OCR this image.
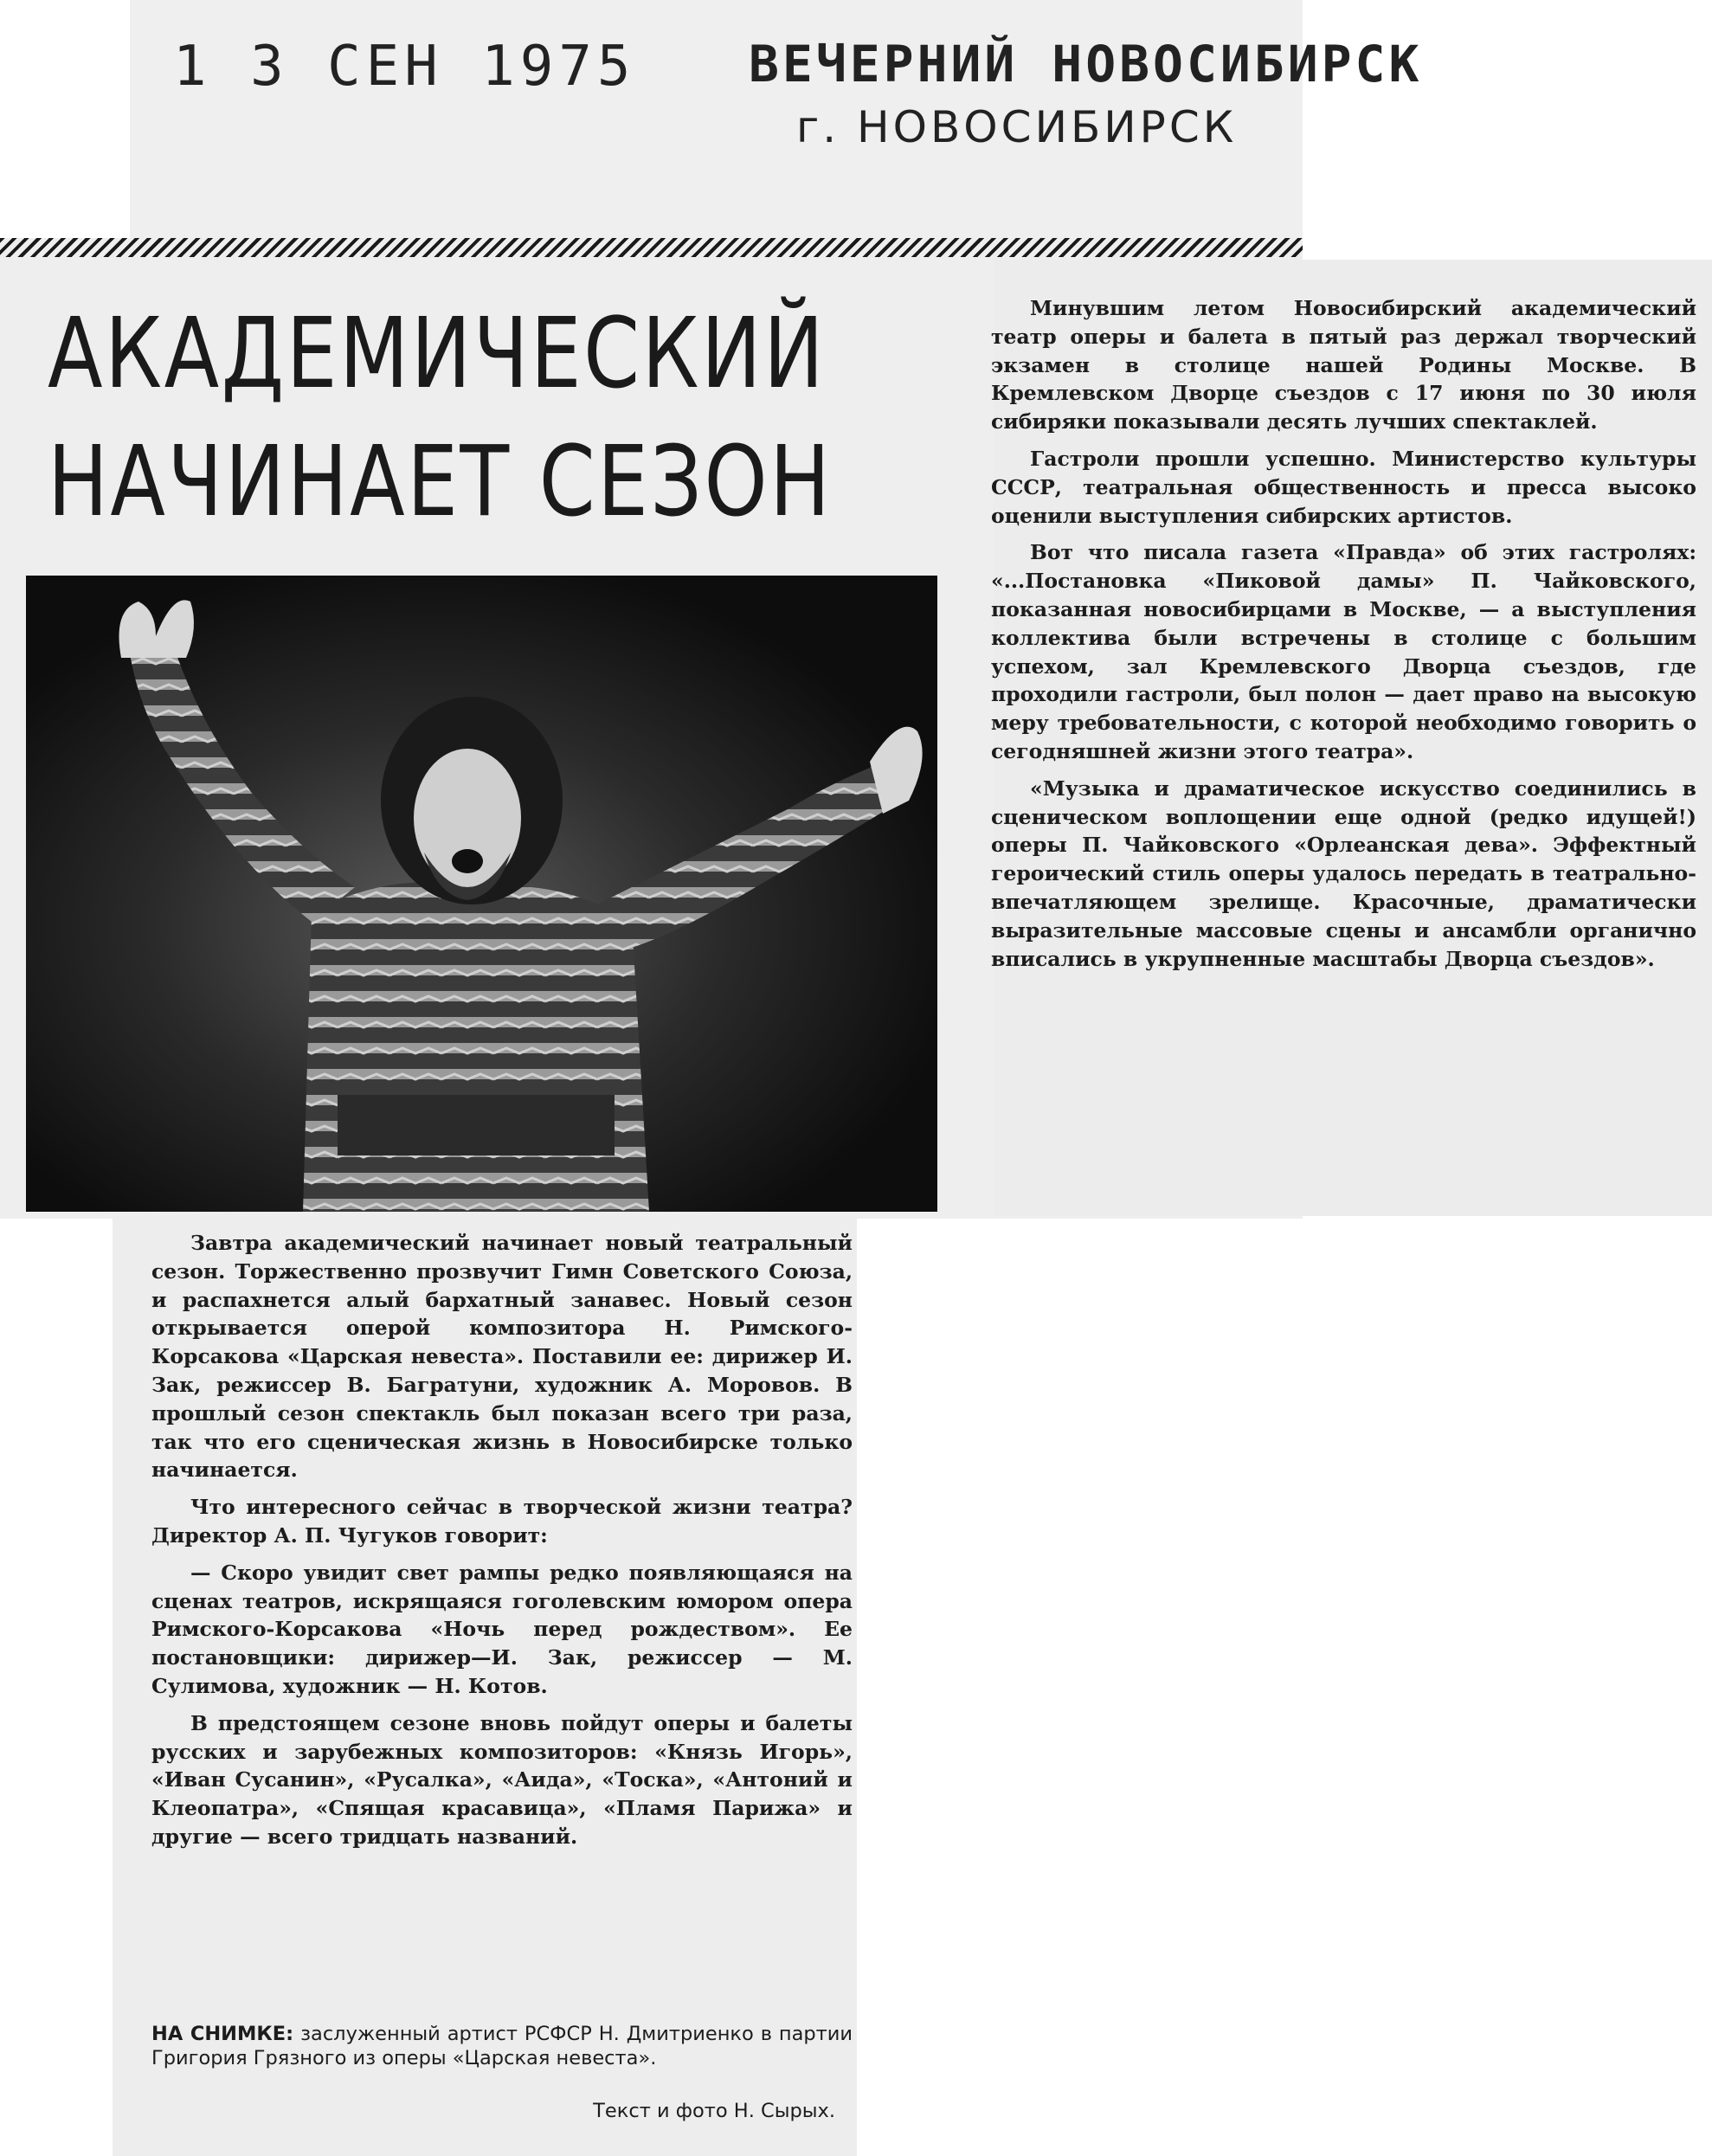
1 3 СЕН 1975 ВЕЧЕРНИЙ НОВОСИБИРСК
г. НОВОСИБИРСК
АКАДЕМИЧЕСКИЙ
НАЧИНАЕТ СЕЗОН

Минувшим летом Новосибирский академический театр оперы и балета в пятый раз держал творческий экзамен в столице нашей Родины Москве. В Кремлевском Дворце съездов с 17 июня по 30 июля сибиряки показывали десять лучших спектаклей.

Гастроли прошли успешно. Министерство культуры СССР, театральная общественность и пресса высоко оценили выступления сибирских артистов.

Вот что писала газета «Правда» об этих гастролях: «...Постановка «Пиковой дамы» П. Чайковского, показанная новосибирцами в Москве, — а выступления коллектива были встречены в столице с большим успехом, зал Кремлевского Дворца съездов, где проходили гастроли, был полон — дает право на высокую меру требовательности, с которой необходимо говорить о сегодняшней жизни этого театра».

«Музыка и драматическое искусство соединились в сценическом воплощении еще одной (редко идущей!) оперы П. Чайковского «Орлеанская дева». Эффектный героический стиль оперы удалось передать в театрально-впечатляющем зрелище. Красочные, драматически выразительные массовые сцены и ансамбли органично вписались в укрупненные масштабы Дворца съездов».

Завтра академический начинает новый театральный сезон. Торжественно прозвучит Гимн Советского Союза, и распахнется алый бархатный занавес. Новый сезон открывается оперой композитора Н. Римского-Корсакова «Царская невеста». Поставили ее: дирижер И. Зак, режиссер В. Багратуни, художник А. Моровов. В прошлый сезон спектакль был показан всего три раза, так что его сценическая жизнь в Новосибирске только начинается.

Что интересного сейчас в творческой жизни театра? Директор А. П. Чугуков говорит:

— Скоро увидит свет рампы редко появляющаяся на сценах театров, искрящаяся гоголевским юмором опера Римского-Корсакова «Ночь перед рождеством». Ее постановщики: дирижер—И. Зак, режиссер — М. Сулимова, художник — Н. Котов.

В предстоящем сезоне вновь пойдут оперы и балеты русских и зарубежных композиторов: «Князь Игорь», «Иван Сусанин», «Русалка», «Аида», «Тоска», «Антоний и Клеопатра», «Спящая красавица», «Пламя Парижа» и другие — всего тридцать названий.

НА СНИМКЕ: заслуженный артист РСФСР Н. Дмитриенко в партии Григория Грязного из оперы «Царская невеста».
Текст и фото Н. Сырых.
